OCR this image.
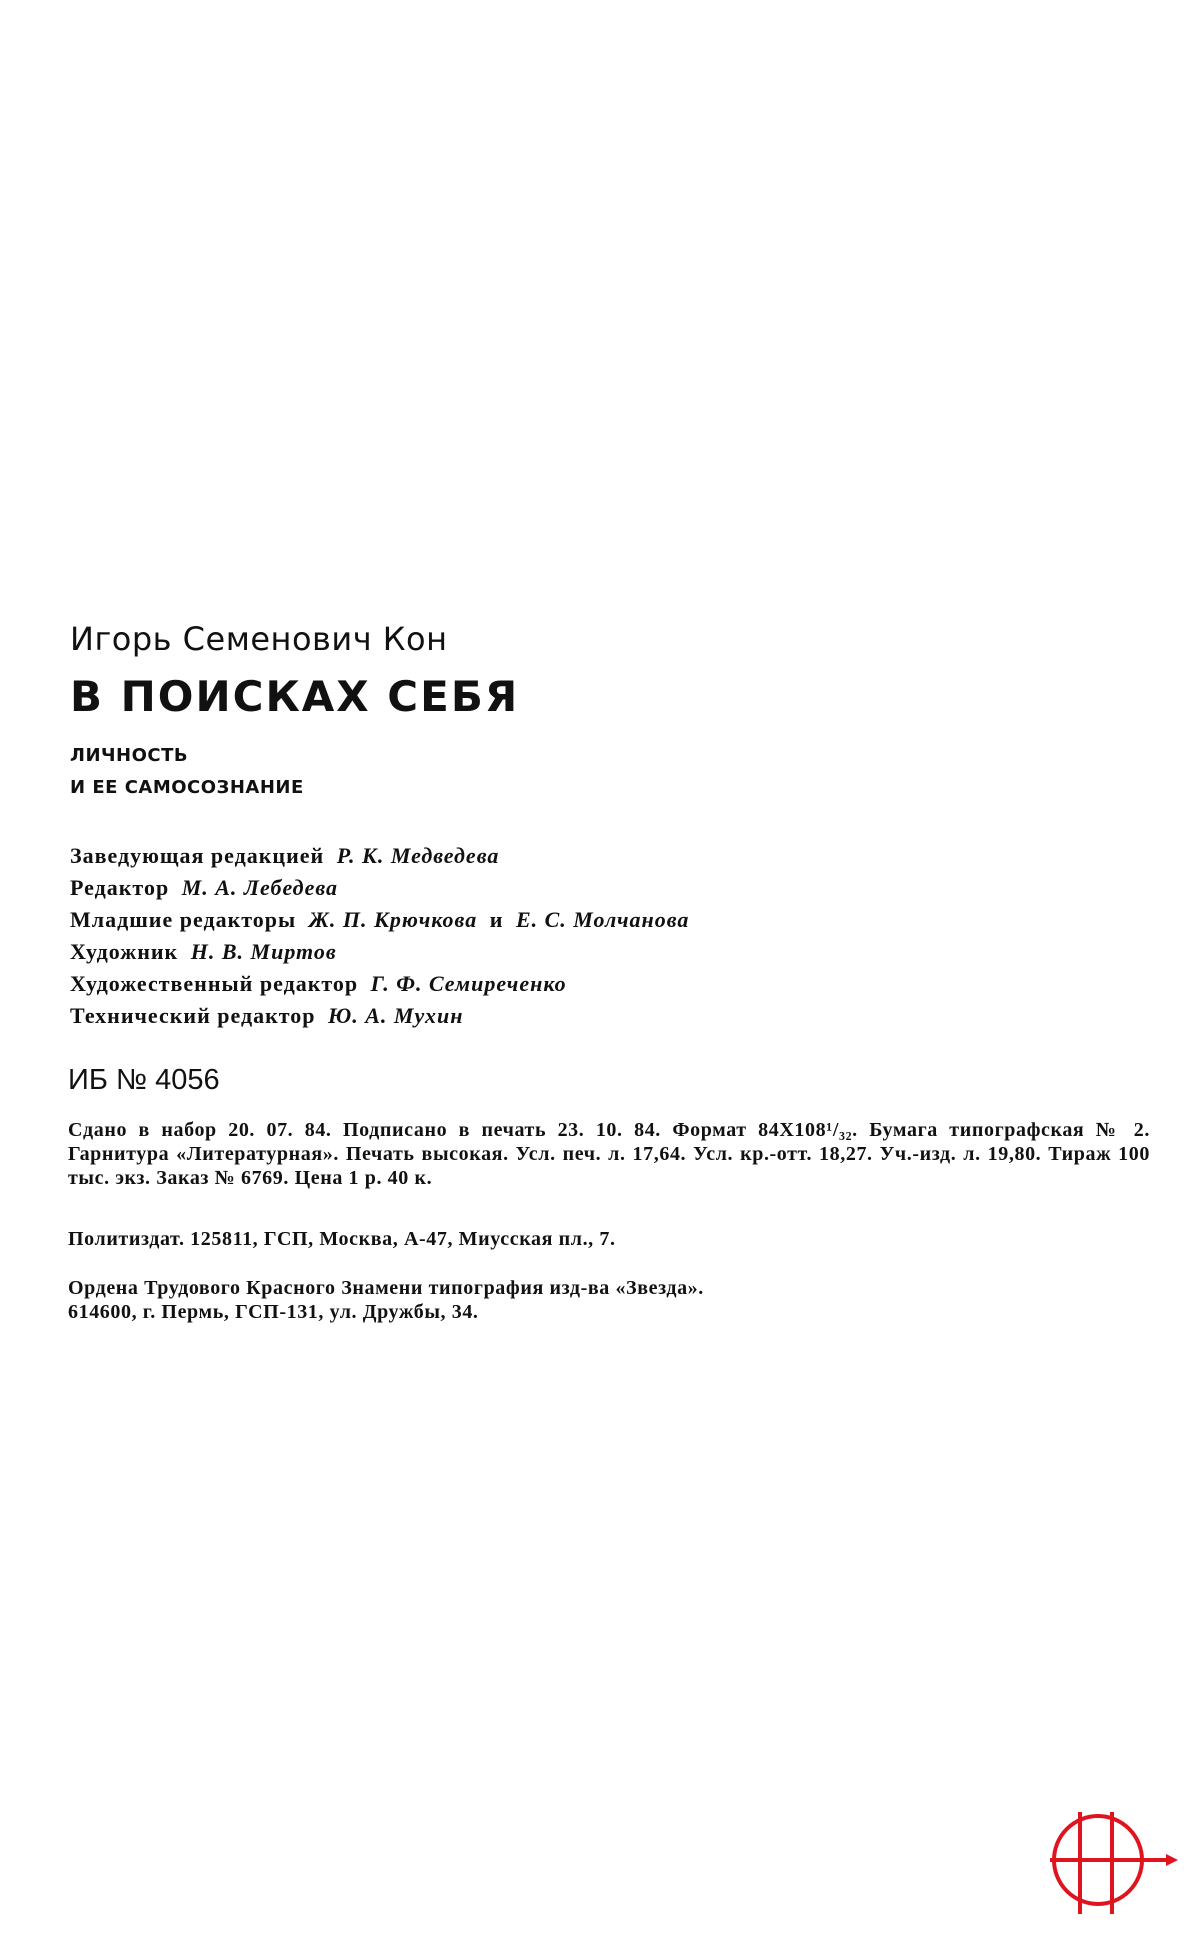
Игорь Семенович Кон
В ПОИСКАХ СЕБЯ
ЛИЧНОСТЬ
И ЕЕ САМОСОЗНАНИЕ
Заведующая редакцией Р. К. Медведева
Редактор М. А. Лебедева
Младшие редакторы Ж. П. Крючкова и Е. С. Молчанова
Художник Н. В. Миртов
Художественный редактор Г. Ф. Семиреченко
Технический редактор Ю. А. Мухин
ИБ № 4056
Сдано в набор 20. 07. 84. Подписано в печать 23. 10. 84. Формат 84Х108¹/₃₂. Бумага типографская № 2. Гарнитура «Литературная». Печать высокая. Усл. печ. л. 17,64. Усл. кр.-отт. 18,27. Уч.-изд. л. 19,80. Тираж 100 тыс. экз. Заказ № 6769. Цена 1 р. 40 к.
Политиздат. 125811, ГСП, Москва, А-47, Миусская пл., 7.
Ордена Трудового Красного Знамени типография изд-ва «Звезда».
614600, г. Пермь, ГСП-131, ул. Дружбы, 34.
